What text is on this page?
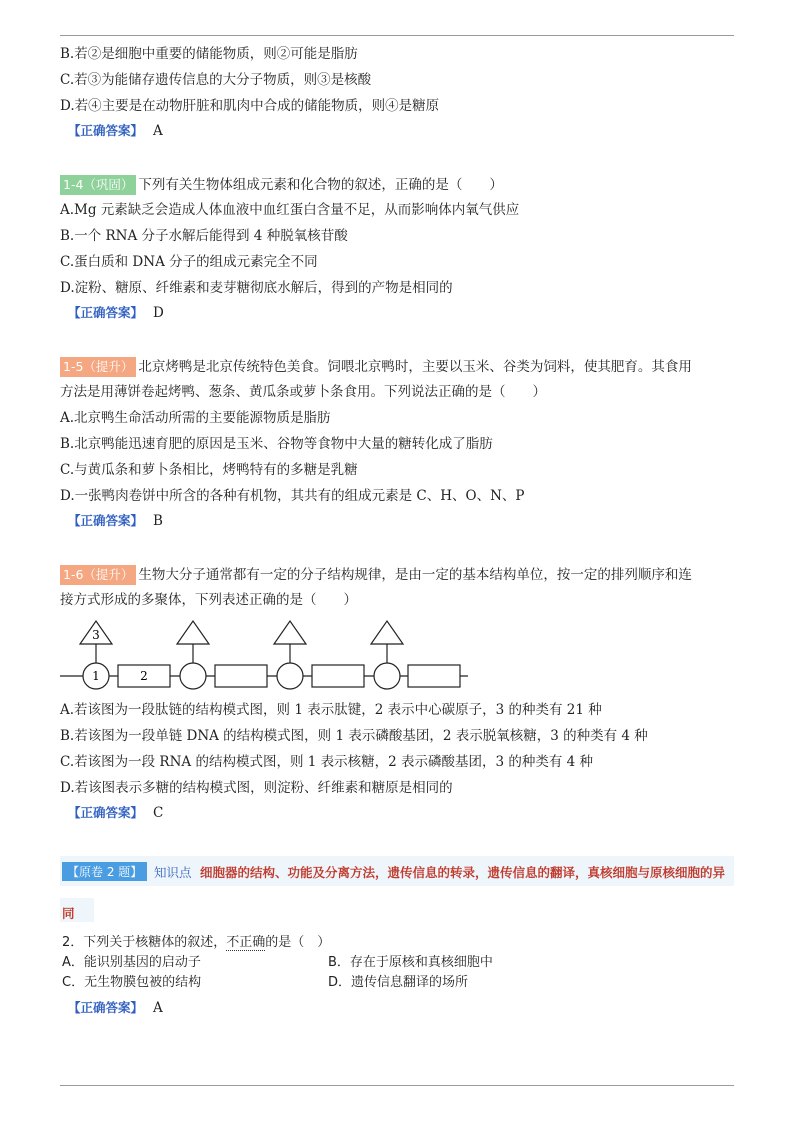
B.若②是细胞中重要的储能物质，则②可能是脂肪
C.若③为能储存遗传信息的大分子物质，则③是核酸
D.若④主要是在动物肝脏和肌肉中合成的储能物质，则④是糖原
【正确答案】 A
1-4（巩固） 下列有关生物体组成元素和化合物的叙述，正确的是（　　）
A.Mg 元素缺乏会造成人体血液中血红蛋白含量不足，从而影响体内氧气供应
B.一个 RNA 分子水解后能得到 4 种脱氧核苷酸
C.蛋白质和 DNA 分子的组成元素完全不同
D.淀粉、糖原、纤维素和麦芽糖彻底水解后，得到的产物是相同的
【正确答案】 D
1-5（提升） 北京烤鸭是北京传统特色美食。饲喂北京鸭时，主要以玉米、谷类为饲料，使其肥育。其食用
方法是用薄饼卷起烤鸭、葱条、黄瓜条或萝卜条食用。下列说法正确的是（　　）
A.北京鸭生命活动所需的主要能源物质是脂肪
B.北京鸭能迅速育肥的原因是玉米、谷物等食物中大量的糖转化成了脂肪
C.与黄瓜条和萝卜条相比，烤鸭特有的多糖是乳糖
D.一张鸭肉卷饼中所含的各种有机物，其共有的组成元素是 C、H、O、N、P
【正确答案】 B
1-6（提升） 生物大分子通常都有一定的分子结构规律，是由一定的基本结构单位，按一定的排列顺序和连
接方式形成的多聚体，下列表述正确的是（　　）
3
1	2
A.若该图为一段肽链的结构模式图，则 1 表示肽键，2 表示中心碳原子，3 的种类有 21 种
B.若该图为一段单链 DNA 的结构模式图，则 1 表示磷酸基团，2 表示脱氧核糖，3 的种类有 4 种
C.若该图为一段 RNA 的结构模式图，则 1 表示核糖，2 表示磷酸基团，3 的种类有 4 种
D.若该图表示多糖的结构模式图，则淀粉、纤维素和糖原是相同的
【正确答案】 C
【原卷 2 题】 知识点 细胞器的结构、功能及分离方法，遗传信息的转录，遗传信息的翻译，真核细胞与原核细胞的异
同
2．下列关于核糖体的叙述，不正确的是（　）
A．能识别基因的启动子	B．存在于原核和真核细胞中
C．无生物膜包被的结构	D．遗传信息翻译的场所
【正确答案】 A
